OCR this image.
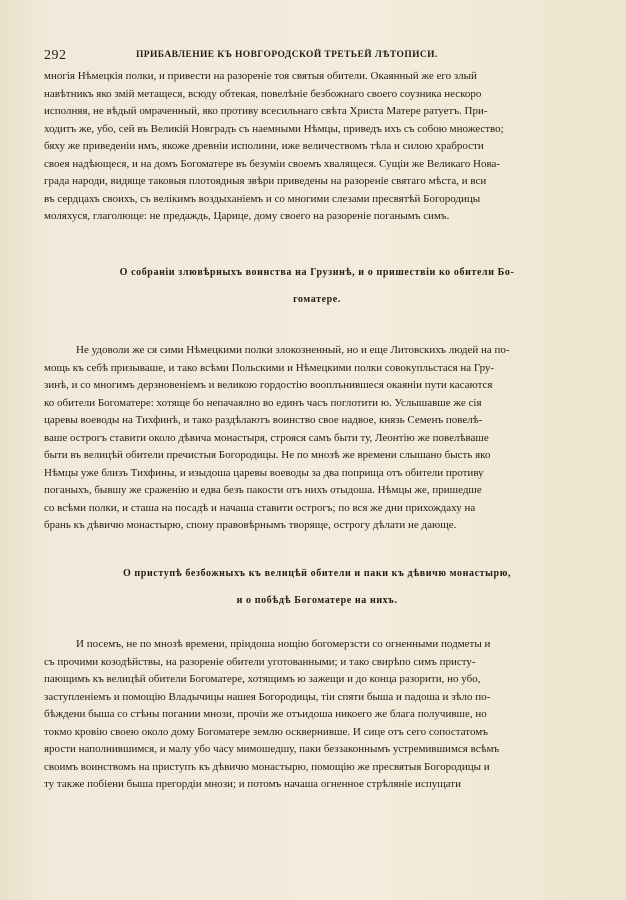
292	ПРИБАВЛЕНИЕ КЪ НОВГОРОДСКОЙ ТРЕТЬЕЙ ЛѢТОПИСИ.
многія Нѣмецкія полки, и привести на разореніе тоя святыя обители. Окаянный же его злый
навѣтникъ яко змій метащеся, всюду обтекая, повелѣніе безбожнаго своего соузника нескоро
исполняя, не вѣдый омраченный, яко противу всесильнаго свѣта Христа Матере ратуетъ. При-
ходитъ же, убо, сей въ Великій Новградъ съ наемными Нѣмцы, приведъ ихъ съ собою множество;
бяху же приведеніи имъ, якоже древніи исполини, иже величествомъ тѣла и силою храбрости
своея надѣющеся, и на домъ Богоматере въ безуміи своемъ хвалящеся. Сущіи же Великаго Нова-
града народи, видяще таковыя плотоядныя звѣри приведены на разореніе святаго мѣста, и вси
въ сердцахъ своихъ, съ велікимъ воздыханіемъ и со многими слезами пресвятѣй Богородицы
моляхуся, глаголюще: не предаждь, Царице, дому своего на разореніе поганымъ симъ.
О собраніи злювѣрныхъ воинства на Грузинѣ, и о пришествіи ко обители Бо-
гоматере.
Не удоволи же ся сими Нѣмецкими полки злокозненный, но и еще Литовскихъ людей на по-
мощь къ себѣ призываше, и тако всѣми Польскими и Нѣмецкими полки совокупльстася на Гру-
зинѣ, и со многимъ дерзновеніемъ и великою гордостію вооплънившеся окаяніи пути касаются
ко обители Богоматере: хотяще бо непачаялно во единъ часъ поглотити ю. Услышавше же сія
царевы воеводы на Тихфинѣ, и тако раздѣлаютъ воинство свое надвое, князь Семенъ повелѣ-
ваше острогъ ставити около дѣвича монастыря, строяся самъ быти ту, Леонтію же повелѣваше
быти въ велицѣй обители пречистыя Богородицы. Не по мнозѣ же времени слышано бысть яко
Нѣмцы уже близъ Тихфины, и изыдоша царевы воеводы за два поприща отъ обители противу
поганыхъ, бывшу же сраженію и едва безъ пакости отъ нихъ отыдоша. Нѣмцы же, пришедше
со всѣми полки, и сташа на посадѣ и начаша ставити острогъ; по вся же дни прихождаху на
брань къ дѣвичю монастырю, спону правовѣрнымъ творяще, острогу дѣлати не дающе.
О приступѣ безбожныхъ къ велицѣй обители и паки къ дѣвичю монастырю,
и о побѣдѣ Богоматере на нихъ.
И посемъ, не по мнозѣ времени, пріидоша нощію богомерзсти со огненными подметы и
съ прочими козодѣйствы, на разореніе обители уготованными; и тако свирѣпо симъ присту-
пающимъ къ велицѣй обители Богоматере, хотящимъ ю зажещи и до конца разорити, но убо,
заступленіемъ и помощію Владычицы нашея Богородицы, тіи спяти быша и падоша и зѣло по-
бѣждени быша со стѣны погании мнози, прочіи же отъидоша никоего же блага получивше, но
токмо кровію своею около дому Богоматере землю осквернивше. И сице отъ сего сопостатомъ
ярости наполнившимся, и малу убо часу мимошедшу, паки беззаконнымъ устремившимся всѣмъ
своимъ воинствомъ на приступъ къ дѣвичю монастырю, помощію же пресвятыя Богородицы и
ту также побіени быша прегордіи мнози; и потомъ начаша огненное стрѣляніе испущати
